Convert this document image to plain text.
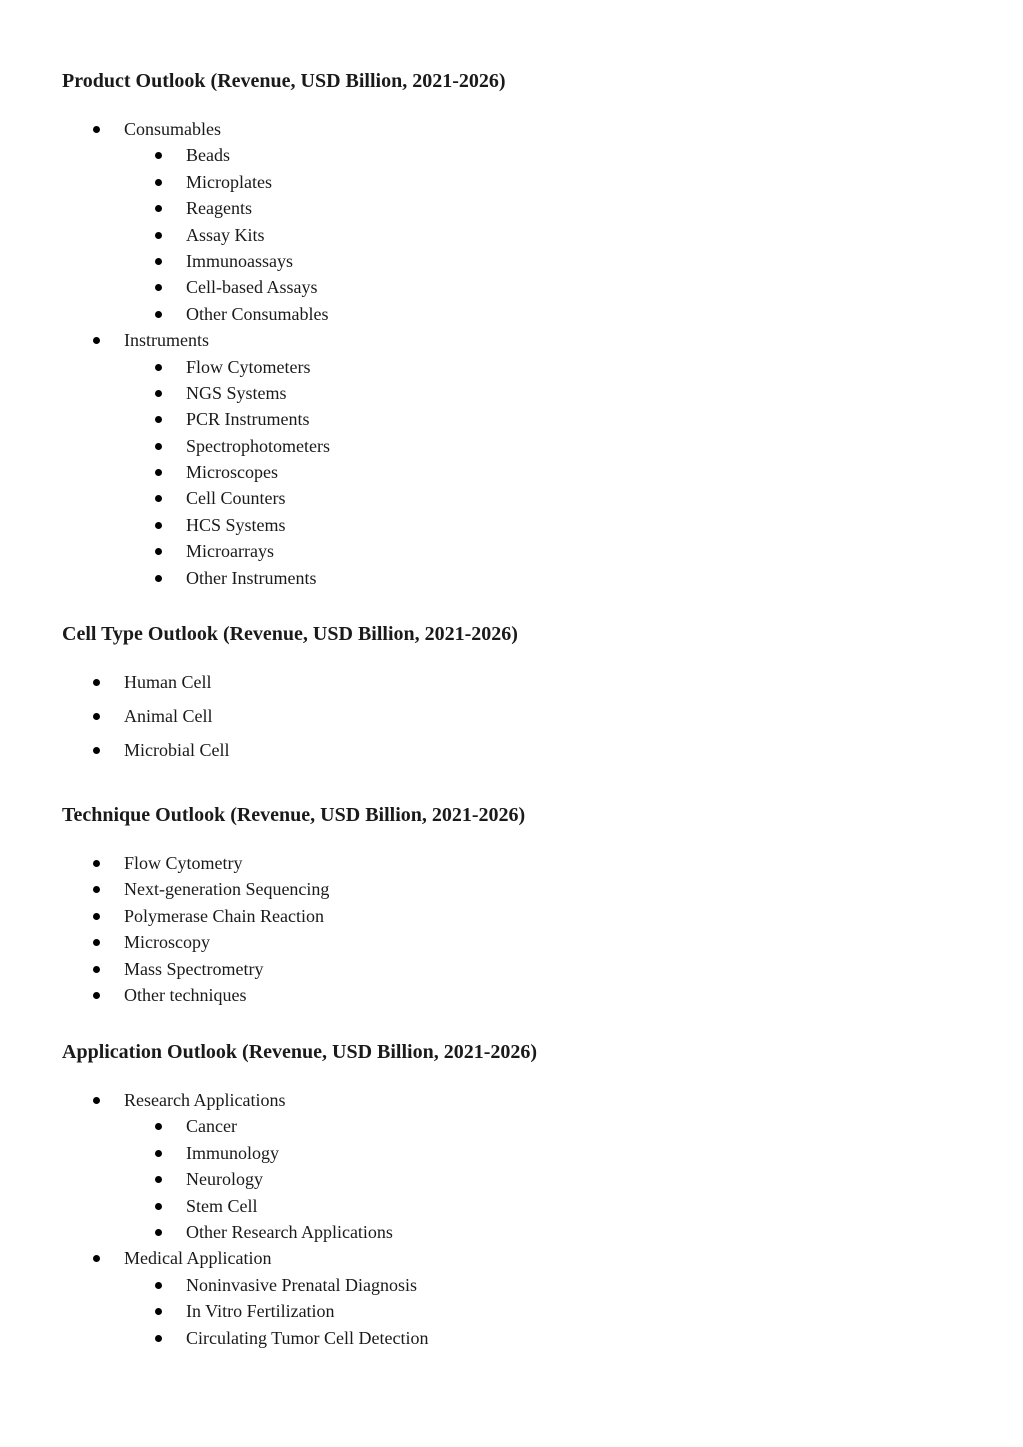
Product Outlook (Revenue, USD Billion, 2021-2026)
Consumables
Beads
Microplates
Reagents
Assay Kits
Immunoassays
Cell-based Assays
Other Consumables
Instruments
Flow Cytometers
NGS Systems
PCR Instruments
Spectrophotometers
Microscopes
Cell Counters
HCS Systems
Microarrays
Other Instruments
Cell Type Outlook (Revenue, USD Billion, 2021-2026)
Human Cell
Animal Cell
Microbial Cell
Technique Outlook (Revenue, USD Billion, 2021-2026)
Flow Cytometry
Next-generation Sequencing
Polymerase Chain Reaction
Microscopy
Mass Spectrometry
Other techniques
Application Outlook (Revenue, USD Billion, 2021-2026)
Research Applications
Cancer
Immunology
Neurology
Stem Cell
Other Research Applications
Medical Application
Noninvasive Prenatal Diagnosis
In Vitro Fertilization
Circulating Tumor Cell Detection
